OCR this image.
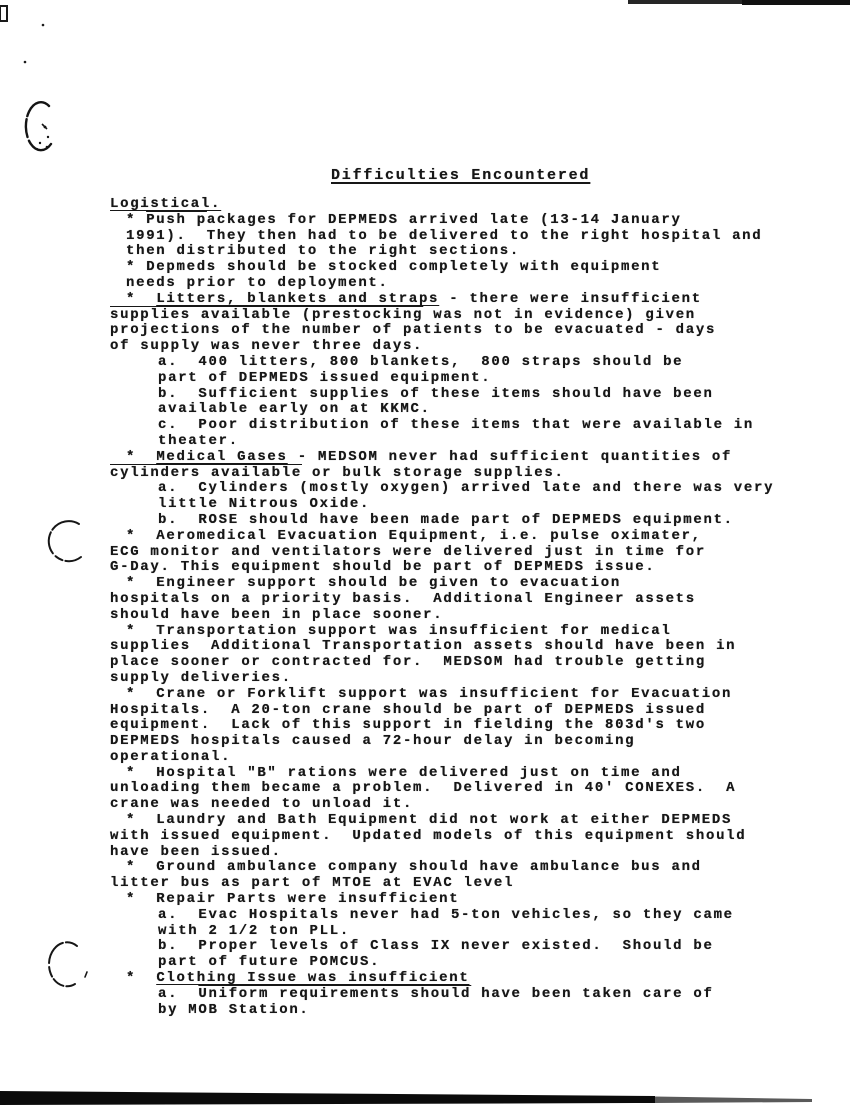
Difficulties Encountered
Logistical.
* Push packages for DEPMEDS arrived late (13-14 January
1991).  They then had to be delivered to the right hospital and
then distributed to the right sections.
* Depmeds should be stocked completely with equipment
needs prior to deployment.
*  Litters, blankets and straps - there were insufficient
supplies available (prestocking was not in evidence) given
projections of the number of patients to be evacuated - days
of supply was never three days.
a.  400 litters, 800 blankets,  800 straps should be
part of DEPMEDS issued equipment.
b.  Sufficient supplies of these items should have been
available early on at KKMC.
c.  Poor distribution of these items that were available in
theater.
*  Medical Gases - MEDSOM never had sufficient quantities of
cylinders available or bulk storage supplies.
a.  Cylinders (mostly oxygen) arrived late and there was very
little Nitrous Oxide.
b.  ROSE should have been made part of DEPMEDS equipment.
*  Aeromedical Evacuation Equipment, i.e. pulse oximater,
ECG monitor and ventilators were delivered just in time for
G-Day. This equipment should be part of DEPMEDS issue.
*  Engineer support should be given to evacuation
hospitals on a priority basis.  Additional Engineer assets
should have been in place sooner.
*  Transportation support was insufficient for medical
supplies  Additional Transportation assets should have been in
place sooner or contracted for.  MEDSOM had trouble getting
supply deliveries.
*  Crane or Forklift support was insufficient for Evacuation
Hospitals.  A 20-ton crane should be part of DEPMEDS issued
equipment.  Lack of this support in fielding the 803d's two
DEPMEDS hospitals caused a 72-hour delay in becoming
operational.
*  Hospital "B" rations were delivered just on time and
unloading them became a problem.  Delivered in 40' CONEXES.  A
crane was needed to unload it.
*  Laundry and Bath Equipment did not work at either DEPMEDS
with issued equipment.  Updated models of this equipment should
have been issued.
*  Ground ambulance company should have ambulance bus and
litter bus as part of MTOE at EVAC level
*  Repair Parts were insufficient
a.  Evac Hospitals never had 5-ton vehicles, so they came
with 2 1/2 ton PLL.
b.  Proper levels of Class IX never existed.  Should be
part of future POMCUS.
*  Clothing Issue was insufficient
a.  Uniform requirements should have been taken care of
by MOB Station.
